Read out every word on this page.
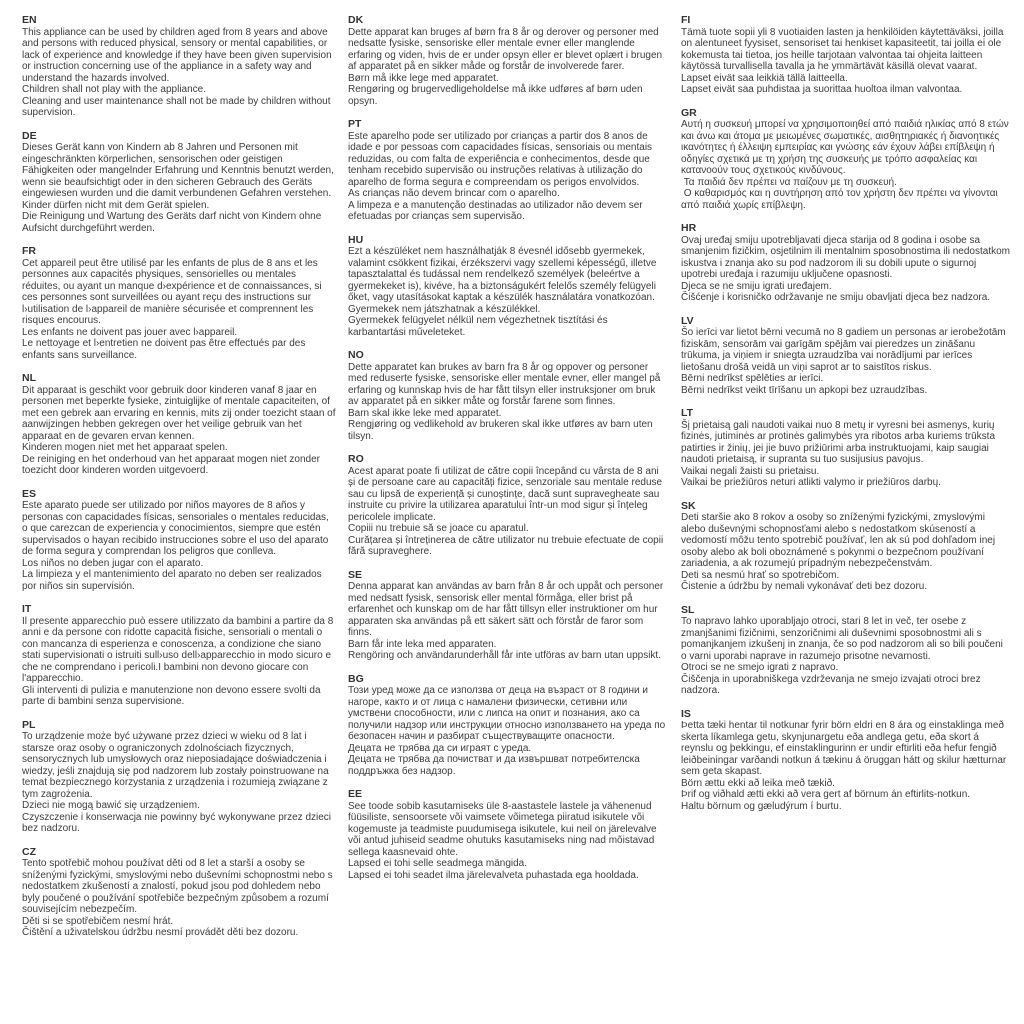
EN
This appliance can be used by children aged from 8 years and above and persons with reduced physical, sensory or mental capabilities, or lack of experience and knowledge if they have been given supervision or instruction concerning use of the appliance in a safety way and understand the hazards involved.
Children shall not play with the appliance.
Cleaning and user maintenance shall not be made by children without supervision.
DE
Dieses Gerät kann von Kindern ab 8 Jahren und Personen mit eingeschränkten körperlichen, sensorischen oder geistigen Fähigkeiten oder mangelnder Erfahrung und Kenntnis benutzt werden, wenn sie beaufsichtigt oder in den sicheren Gebrauch des Geräts eingewiesen wurden und die damit verbundenen Gefahren verstehen.
Kinder dürfen nicht mit dem Gerät spielen.
Die Reinigung und Wartung des Geräts darf nicht von Kindern ohne Aufsicht durchgeführt werden.
FR
Cet appareil peut être utilisé par les enfants de plus de 8 ans et les personnes aux capacités physiques, sensorielles ou mentales réduites, ou ayant un manque d›expérience et de connaissances, si ces personnes sont surveillées ou ayant reçu des instructions sur l›utilisation de l›appareil de manière sécurisée et comprennent les risques encourus.
Les enfants ne doivent pas jouer avec l›appareil.
Le nettoyage et l›entretien ne doivent pas être effectués par des enfants sans surveillance.
NL
Dit apparaat is geschikt voor gebruik door kinderen vanaf 8 jaar en personen met beperkte fysieke, zintuiglijke of mentale capaciteiten, of met een gebrek aan ervaring en kennis, mits zij onder toezicht staan of aanwijzingen hebben gekregen over het veilige gebruik van het apparaat en de gevaren ervan kennen.
Kinderen mogen niet met het apparaat spelen.
De reiniging en het onderhoud van het apparaat mogen niet zonder toezicht door kinderen worden uitgevoerd.
ES
Este aparato puede ser utilizado por niños mayores de 8 años y personas con capacidades físicas, sensoriales o mentales reducidas, o que carezcan de experiencia y conocimientos, siempre que estén supervisados o hayan recibido instrucciones sobre el uso del aparato de forma segura y comprendan los peligros que conlleva.
Los niños no deben jugar con el aparato.
La limpieza y el mantenimiento del aparato no deben ser realizados por niños sin supervisión.
IT
Il presente apparecchio può essere utilizzato da bambini a partire da 8 anni e da persone con ridotte capacità fisiche, sensoriali o mentali o con mancanza di esperienza e conoscenza, a condizione che siano stati supervisionati o istruiti sull›uso dell›apparecchio in modo sicuro e che ne comprendano i pericoli.I bambini non devono giocare con l'apparecchio.
Gli interventi di pulizia e manutenzione non devono essere svolti da parte di bambini senza supervisione.
PL
To urządzenie może być używane przez dzieci w wieku od 8 lat i starsze oraz osoby o ograniczonych zdolnościach fizycznych, sensorycznych lub umysłowych oraz nieposiadające doświadczenia i wiedzy, jeśli znajdują się pod nadzorem lub zostały poinstruowane na temat bezpiecznego korzystania z urządzenia i rozumieją związane z tym zagrożenia.
Dzieci nie mogą bawić się urządzeniem.
Czyszczenie i konserwacja nie powinny być wykonywane przez dzieci bez nadzoru.
CZ
Tento spotřebič mohou používat děti od 8 let a starší a osoby se sníženými fyzickými, smyslovými nebo duševními schopnostmi nebo s nedostatkem zkušeností a znalostí, pokud jsou pod dohledem nebo byly poučené o používání spotřebiče bezpečným způsobem a rozumí souvisejícím nebezpečím.
Děti si se spotřebičem nesmí hrát.
Čištění a uživatelskou údržbu nesmí provádět děti bez dozoru.
DK
Dette apparat kan bruges af børn fra 8 år og derover og personer med nedsatte fysiske, sensoriske eller mentale evner eller manglende erfaring og viden, hvis de er under opsyn eller er blevet oplært i brugen af apparatet på en sikker måde og forstår de involverede farer.
Børn må ikke lege med apparatet.
Rengøring og brugervedligeholdelse må ikke udføres af børn uden opsyn.
PT
Este aparelho pode ser utilizado por crianças a partir dos 8 anos de idade e por pessoas com capacidades físicas, sensoriais ou mentais reduzidas, ou com falta de experiência e conhecimentos, desde que tenham recebido supervisão ou instruções relativas à utilização do aparelho de forma segura e compreendam os perigos envolvidos.
As crianças não devem brincar com o aparelho.
A limpeza e a manutenção destinadas ao utilizador não devem ser efetuadas por crianças sem supervisão.
HU
Ezt a készüléket nem használhatják 8 évesnél idősebb gyermekek, valamint csökkent fizikai, érzékszervi vagy szellemi képességű, illetve tapasztalattal és tudással nem rendelkező személyek (beleértve a gyermekeket is), kivéve, ha a biztonságukért felelős személy felügyeli őket, vagy utasításokat kaptak a készülék használatára vonatkozóan.
Gyermekek nem játszhatnak a készülékkel.
Gyermekek felügyelet nélkül nem végezhetnek tisztítási és karbantartási műveleteket.
NO
Dette apparatet kan brukes av barn fra 8 år og oppover og personer med reduserte fysiske, sensoriske eller mentale evner, eller mangel på erfaring og kunnskap hvis de har fått tilsyn eller instruksjoner om bruk av apparatet på en sikker måte og forstår farene som finnes.
Barn skal ikke leke med apparatet.
Rengjøring og vedlikehold av brukeren skal ikke utføres av barn uten tilsyn.
RO
Acest aparat poate fi utilizat de către copii începând cu vârsta de 8 ani și de persoane care au capacități fizice, senzoriale sau mentale reduse sau cu lipsă de experiență și cunoștințe, dacă sunt supravegheate sau instruite cu privire la utilizarea aparatului într-un mod sigur și înțeleg pericolele implicate.
Copiii nu trebuie să se joace cu aparatul.
Curățarea și întreținerea de către utilizator nu trebuie efectuate de copii fără supraveghere.
SE
Denna apparat kan användas av barn från 8 år och uppåt och personer med nedsatt fysisk, sensorisk eller mental förmåga, eller brist på erfarenhet och kunskap om de har fått tillsyn eller instruktioner om hur apparaten ska användas på ett säkert sätt och förstår de faror som finns.
Barn får inte leka med apparaten.
Rengöring och användarunderhåll får inte utföras av barn utan uppsikt.
BG
Този уред може да се използва от деца на възраст от 8 години и нагоре, както и от лица с намалени физически, сетивни или умствени способности, или с липса на опит и познания, ако са получили надзор или инструкции относно използването на уреда по безопасен начин и разбират съществуващите опасности.
Децата не трябва да си играят с уреда.
Децата не трябва да почистват и да извършват потребителска поддръжка без надзор.
EE
See toode sobib kasutamiseks üle 8-aastastele lastele ja vähenenud füüsiliste, sensoorsete või vaimsete võimetega piiratud isikutele või kogemuste ja teadmiste puudumisega isikutele, kui neil on järelevalve või antud juhiseid seadme ohutuks kasutamiseks ning nad mõistavad sellega kaasnevaid ohte.
Lapsed ei tohi selle seadmega mängida.
Lapsed ei tohi seadet ilma järelevalveta puhastada ega hooldada.
FI
Tämä tuote sopii yli 8 vuotiaiden lasten ja henkilöiden käytettäväksi, joilla on alentuneet fyysiset, sensoriset tai henkiset kapasiteetit, tai joilla ei ole kokemusta tai tietoa, jos heille tarjotaan valvontaa tai ohjeita laitteen käytössä turvallisella tavalla ja he ymmärtävät käsillä olevat vaarat.
Lapset eivät saa leikkiä tällä laitteella.
Lapset eivät saa puhdistaa ja suorittaa huoltoa ilman valvontaa.
GR
Αυτή η συσκευή μπορεί να χρησιμοποιηθεί από παιδιά ηλικίας από 8 ετών και άνω και άτομα με μειωμένες σωματικές, αισθητηριακές ή διανοητικές ικανότητες ή έλλειψη εμπειρίας και γνώσης εάν έχουν λάβει επίβλεψη ή οδηγίες σχετικά με τη χρήση της συσκευής με τρόπο ασφαλείας και κατανοούν τους σχετικούς κινδύνους.
Τα παιδιά δεν πρέπει να παίζουν με τη συσκευή.
Ο καθαρισμός και η συντήρηση από τον χρήστη δεν πρέπει να γίνονται από παιδιά χωρίς επίβλεψη.
HR
Ovaj uređaj smiju upotrebljavati djeca starija od 8 godina i osobe sa smanjenim fizičkim, osjetilnim ili mentalnim sposobnostima ili nedostatkom iskustva i znanja ako su pod nadzorom ili su dobili upute o sigurnoj upotrebi uređaja i razumiju uključene opasnosti.
Djeca se ne smiju igrati uređajem.
Čišćenje i korisničko održavanje ne smiju obavljati djeca bez nadzora.
LV
Šo ierīci var lietot bērni vecumā no 8 gadiem un personas ar ierobežotām fiziskām, sensorām vai garīgām spējām vai pieredzes un zināšanu trūkuma, ja viņiem ir sniegta uzraudzība vai norādījumi par ierīces lietošanu drošā veidā un viņi saprot ar to saistītos riskus.
Bērni nedrīkst spēlēties ar ierīci.
Bērni nedrīkst veikt tīrīšanu un apkopi bez uzraudzības.
LT
Šį prietaisą gali naudoti vaikai nuo 8 metų ir vyresni bei asmenys, kurių fizinės, jutiminės ar protinės galimybės yra ribotos arba kuriems trūksta patirties ir žinių, jei jie buvo prižiūrimi arba instruktuojami, kaip saugiai naudoti prietaisą, ir supranta su tuo susijusius pavojus.
Vaikai negali žaisti su prietaisu.
Vaikai be priežiūros neturi atlikti valymo ir priežiūros darbų.
SK
Deti staršie ako 8 rokov a osoby so zníženými fyzickými, zmyslovými alebo duševnými schopnosťami alebo s nedostatkom skúseností a vedomostí môžu tento spotrebič používať, len ak sú pod dohľadom inej osoby alebo ak boli oboznámené s pokynmi o bezpečnom používaní zariadenia, a ak rozumejú prípadným nebezpečenstvám.
Deti sa nesmú hrať so spotrebičom.
Čistenie a údržbu by nemali vykonávať deti bez dozoru.
SL
To napravo lahko uporabljajo otroci, stari 8 let in več, ter osebe z zmanjšanimi fizičnimi, senzoričnimi ali duševnimi sposobnostmi ali s pomanjkanjem izkušenj in znanja, če so pod nadzorom ali so bili poučeni o varni uporabi naprave in razumejo prisotne nevarnosti.
Otroci se ne smejo igrati z napravo.
Čiščenja in uporabniškega vzdrževanja ne smejo izvajati otroci brez nadzora.
IS
Þetta tæki hentar til notkunar fyrir börn eldri en 8 ára og einstaklinga með skerta líkamlega getu, skynjunargetu eða andlega getu, eða skort á reynslu og þekkingu, ef einstaklingurinn er undir eftirliti eða hefur fengið leiðbeiningar varðandi notkun á tækinu á öruggan hátt og skilur hætturnar sem geta skapast.
Börn ættu ekki að leika með tækið.
Þrif og viðhald ætti ekki að vera gert af börnum án eftirlits-notkun.
Haltu börnum og gæludýrum í burtu.
